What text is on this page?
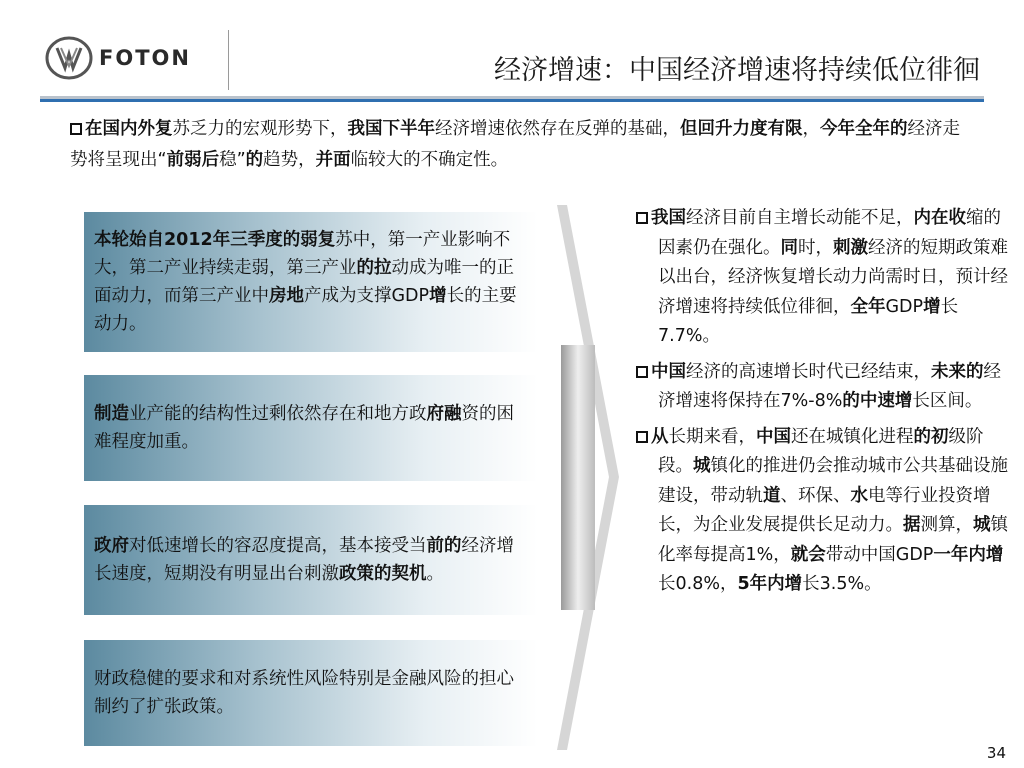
FOTON	经济增速：中国经济增速将持续低位徘徊
在国内外复苏乏力的宏观形势下，我国下半年经济增速依然存在反弹的基础，但回升力度有限，今年全年的经济走势将呈现出“前弱后稳”的趋势，并面临较大的不确定性。
本轮始自2012年三季度的弱复苏中，第一产业影响不大，第二产业持续走弱，第三产业的拉动成为唯一的正面动力，而第三产业中房地产成为支撑GDP增长的主要动力。
制造业产能的结构性过剩依然存在和地方政府融资的困难程度加重。
政府对低速增长的容忍度提高，基本接受当前的经济增长速度，短期没有明显出台刺激政策的契机。
财政稳健的要求和对系统性风险特别是金融风险的担心制约了扩张政策。
我国经济目前自主增长动能不足，内在收缩的因素仍在强化。同时，刺激经济的短期政策难以出台，经济恢复增长动力尚需时日，预计经济增速将持续低位徘徊，全年GDP增长7.7%。
中国经济的高速增长时代已经结束，未来的经济增速将保持在7%-8%的中速增长区间。
从长期来看，中国还在城镇化进程的初级阶段。城镇化的推进仍会推动城市公共基础设施建设，带动轨道、环保、水电等行业投资增长，为企业发展提供长足动力。据测算，城镇化率每提高1%，就会带动中国GDP一年内增长0.8%，5年内增长3.5%。
34
